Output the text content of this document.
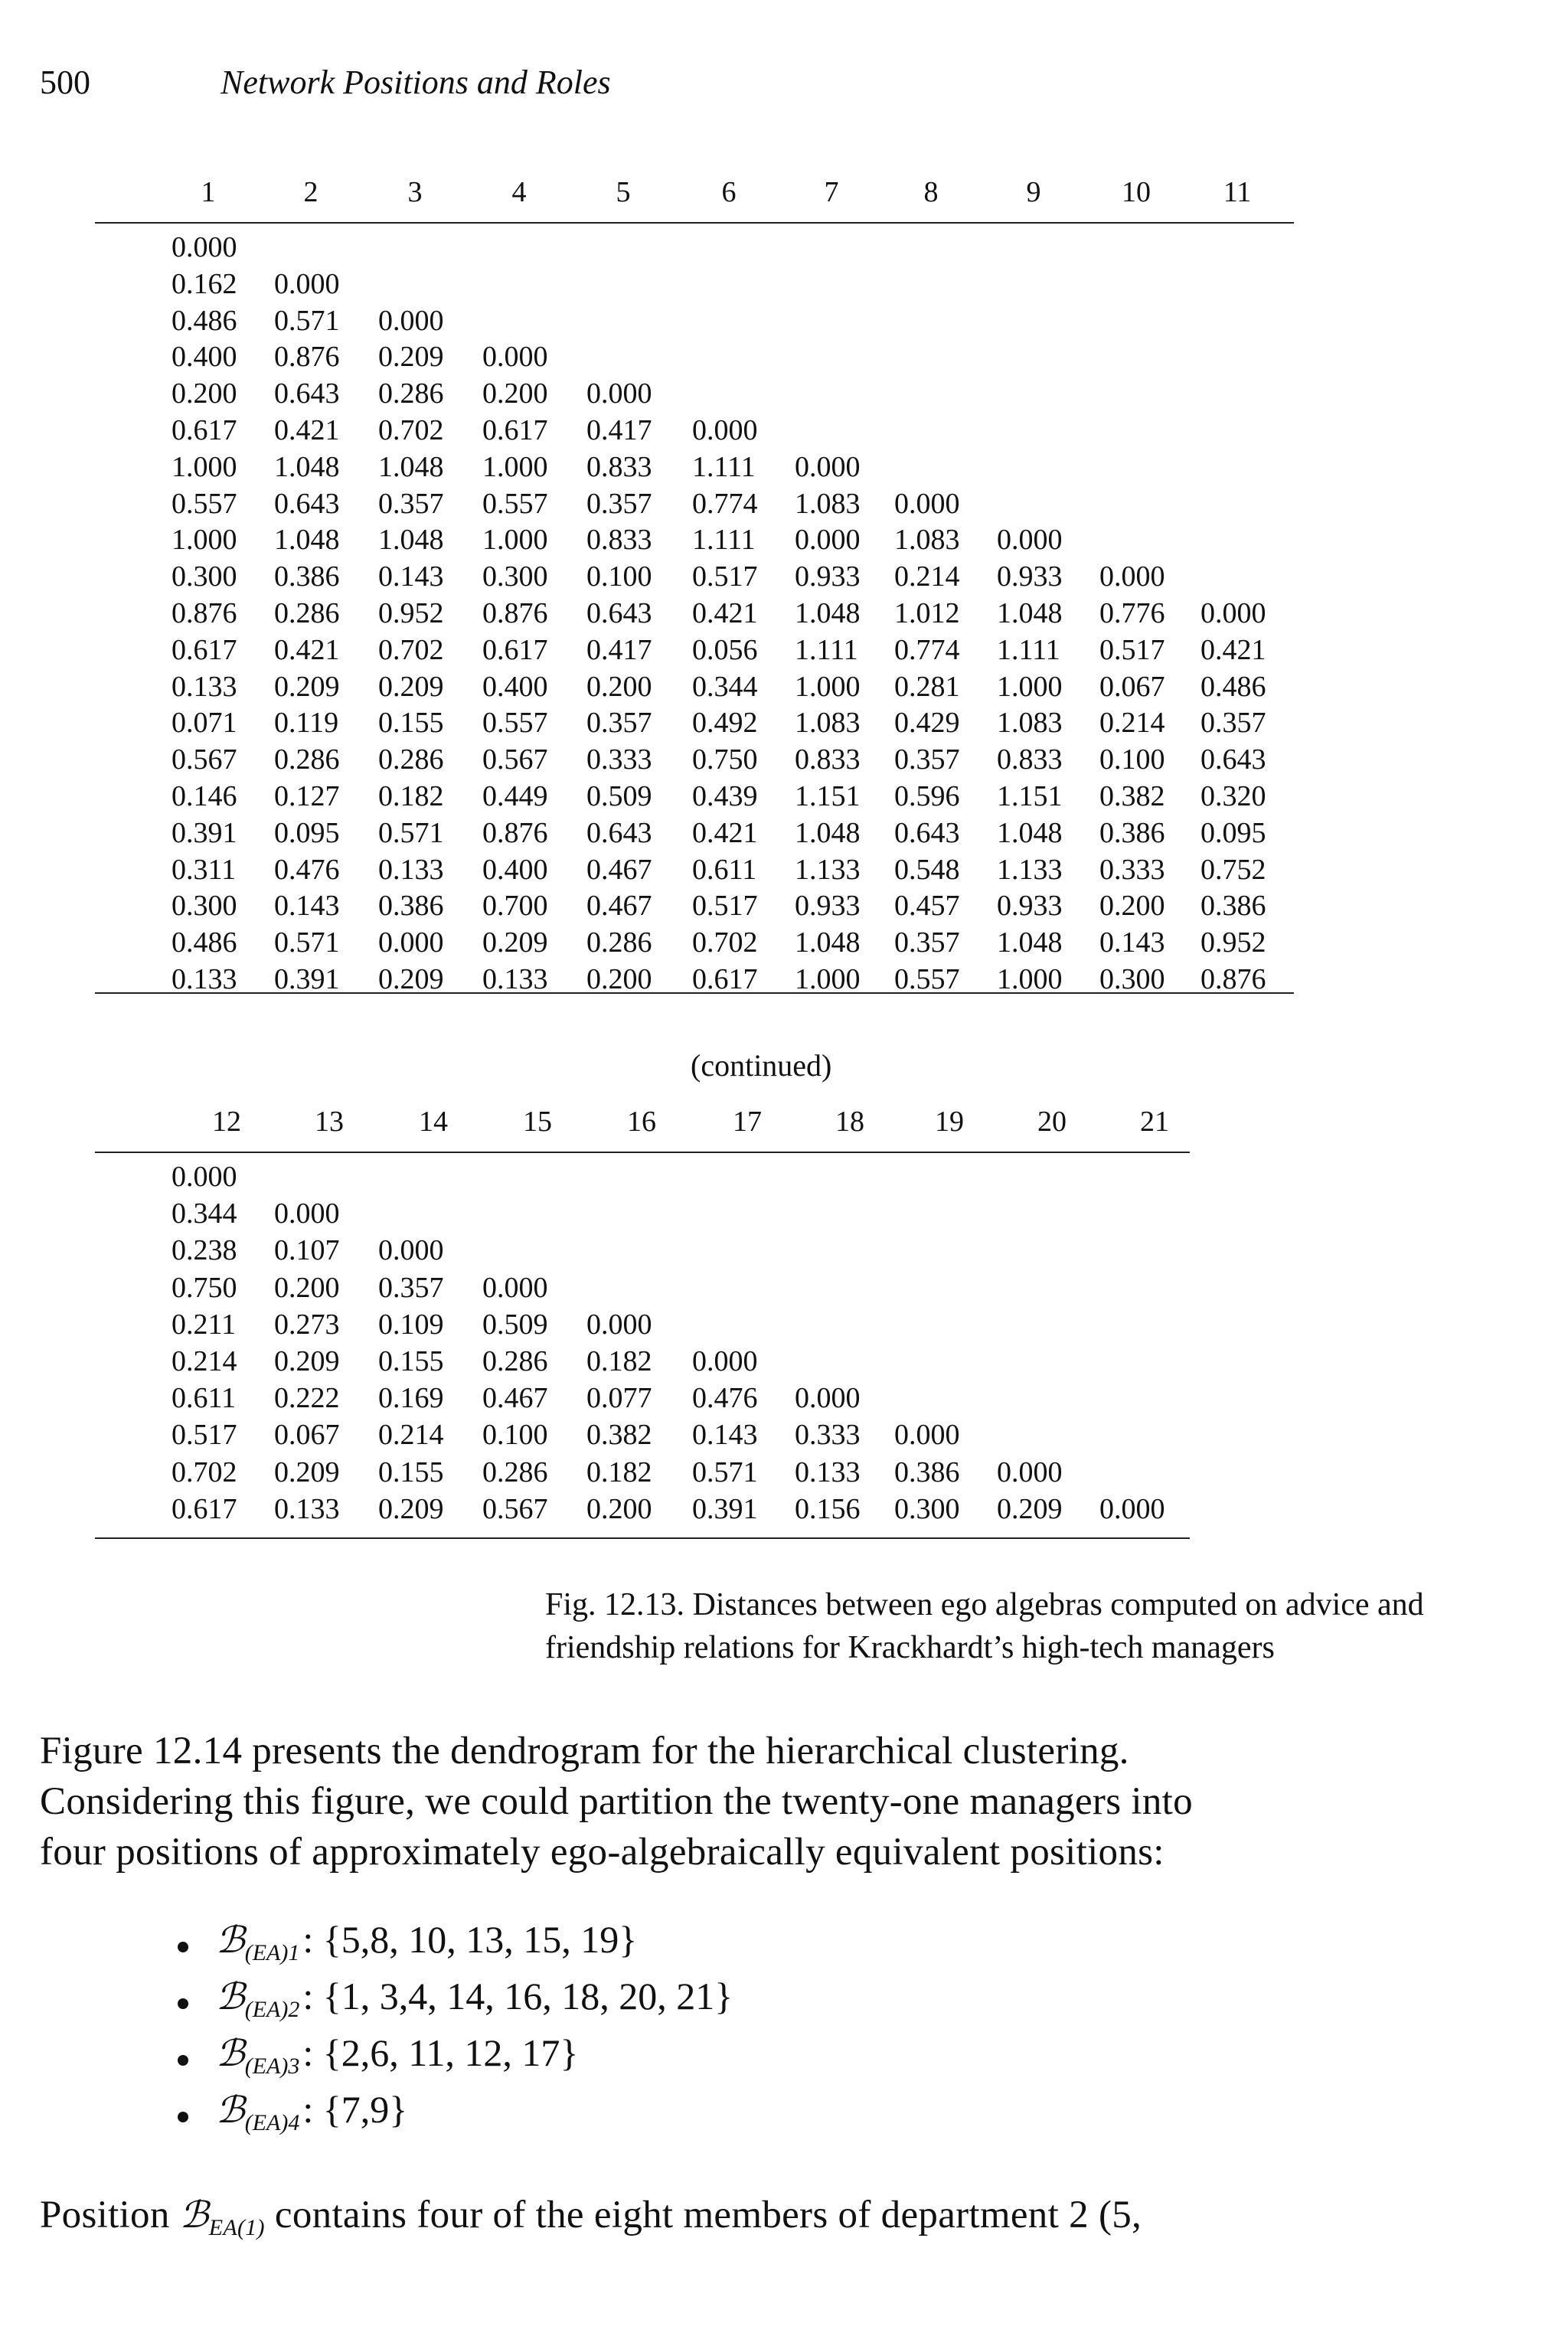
500	Network Positions and Roles
1	2	3	4	5	6	7	8	9	10	11
0.000
0.162 0.000
0.486 0.571 0.000
0.400 0.876 0.209 0.000
0.200 0.643 0.286 0.200 0.000
0.617 0.421 0.702 0.617 0.417 0.000
1.000 1.048 1.048 1.000 0.833 1.111 0.000
0.557 0.643 0.357 0.557 0.357 0.774 1.083 0.000
1.000 1.048 1.048 1.000 0.833 1.111 0.000 1.083 0.000
0.300 0.386 0.143 0.300 0.100 0.517 0.933 0.214 0.933 0.000
0.876 0.286 0.952 0.876 0.643 0.421 1.048 1.012 1.048 0.776 0.000
0.617 0.421 0.702 0.617 0.417 0.056 1.111 0.774 1.111 0.517 0.421
0.133 0.209 0.209 0.400 0.200 0.344 1.000 0.281 1.000 0.067 0.486
0.071 0.119 0.155 0.557 0.357 0.492 1.083 0.429 1.083 0.214 0.357
0.567 0.286 0.286 0.567 0.333 0.750 0.833 0.357 0.833 0.100 0.643
0.146 0.127 0.182 0.449 0.509 0.439 1.151 0.596 1.151 0.382 0.320
0.391 0.095 0.571 0.876 0.643 0.421 1.048 0.643 1.048 0.386 0.095
0.311 0.476 0.133 0.400 0.467 0.611 1.133 0.548 1.133 0.333 0.752
0.300 0.143 0.386 0.700 0.467 0.517 0.933 0.457 0.933 0.200 0.386
0.486 0.571 0.000 0.209 0.286 0.702 1.048 0.357 1.048 0.143 0.952
0.133 0.391 0.209 0.133 0.200 0.617 1.000 0.557 1.000 0.300 0.876
(continued)
12	13	14	15	16	17	18	19	20	21
0.000
0.344 0.000
0.238 0.107 0.000
0.750 0.200 0.357 0.000
0.211 0.273 0.109 0.509 0.000
0.214 0.209 0.155 0.286 0.182 0.000
0.611 0.222 0.169 0.467 0.077 0.476 0.000
0.517 0.067 0.214 0.100 0.382 0.143 0.333 0.000
0.702 0.209 0.155 0.286 0.182 0.571 0.133 0.386 0.000
0.617 0.133 0.209 0.567 0.200 0.391 0.156 0.300 0.209 0.000
Fig. 12.13. Distances between ego algebras computed on advice and
friendship relations for Krackhardt’s high-tech managers
Figure 12.14 presents the dendrogram for the hierarchical clustering.
Considering this figure, we could partition the twenty-one managers into
four positions of approximately ego-algebraically equivalent positions:
ℬ(EA)1 : {5,8, 10, 13, 15, 19}
ℬ(EA)2 : {1, 3,4, 14, 16, 18, 20, 21}
ℬ(EA)3 : {2,6, 11, 12, 17}
ℬ(EA)4 : {7,9}
Position ℬEA(1) contains four of the eight members of department 2 (5,
